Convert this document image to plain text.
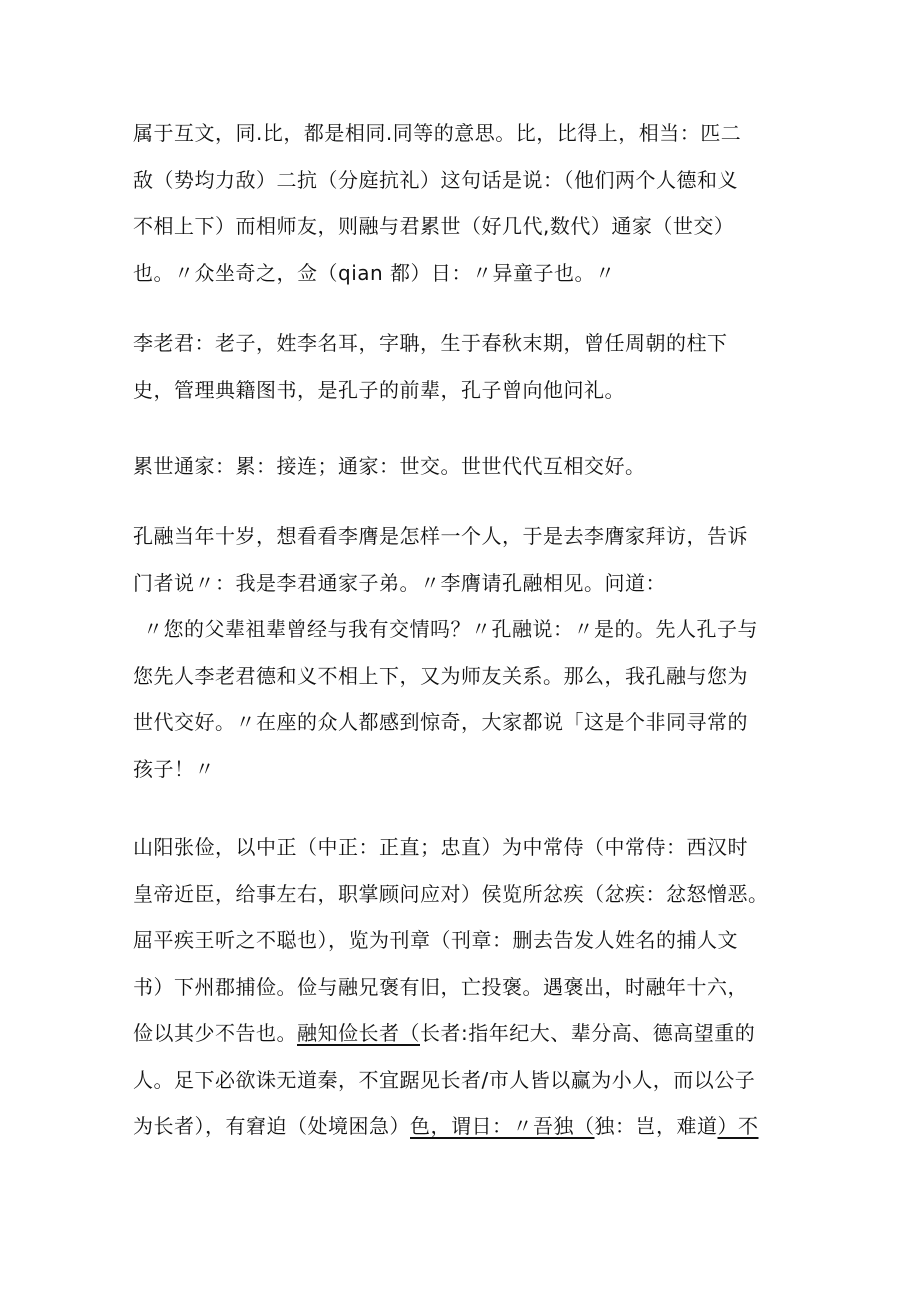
属于互文，同.比，都是相同.同等的意思。比，比得上，相当：匹二
敌（势均力敌）二抗（分庭抗礼）这句话是说：（他们两个人德和义
不相上下）而相师友，则融与君累世（好几代,数代）通家（世交）
也。〃众坐奇之，佥（qian 都）日：〃异童子也。〃
李老君：老子，姓李名耳，字聃，生于春秋末期，曾任周朝的柱下
史，管理典籍图书，是孔子的前辈，孔子曾向他问礼。
累世通家：累：接连；通家：世交。世世代代互相交好。
孔融当年十岁，想看看李膺是怎样一个人，于是去李膺家拜访，告诉
门者说〃：我是李君通家子弟。〃李膺请孔融相见。问道：
〃您的父辈祖辈曾经与我有交情吗？〃孔融说：〃是的。先人孔子与
您先人李老君德和义不相上下，又为师友关系。那么，我孔融与您为
世代交好。〃在座的众人都感到惊奇，大家都说「这是个非同寻常的
孩子！〃
山阳张俭，以中正（中正：正直；忠直）为中常侍（中常侍：西汉时
皇帝近臣，给事左右，职掌顾问应对）侯览所忿疾（忿疾：忿怒憎恶。
屈平疾王听之不聪也），览为刊章（刊章：删去告发人姓名的捕人文
书）下州郡捕俭。俭与融兄褒有旧，亡投褒。遇褒出，时融年十六，
俭以其少不告也。融知俭长者（长者:指年纪大、辈分高、德高望重的
人。足下必欲诛无道秦，不宜踞见长者/市人皆以赢为小人，而以公子
为长者），有窘迫（处境困急）色，谓日：〃吾独（独：岂，难道）不
